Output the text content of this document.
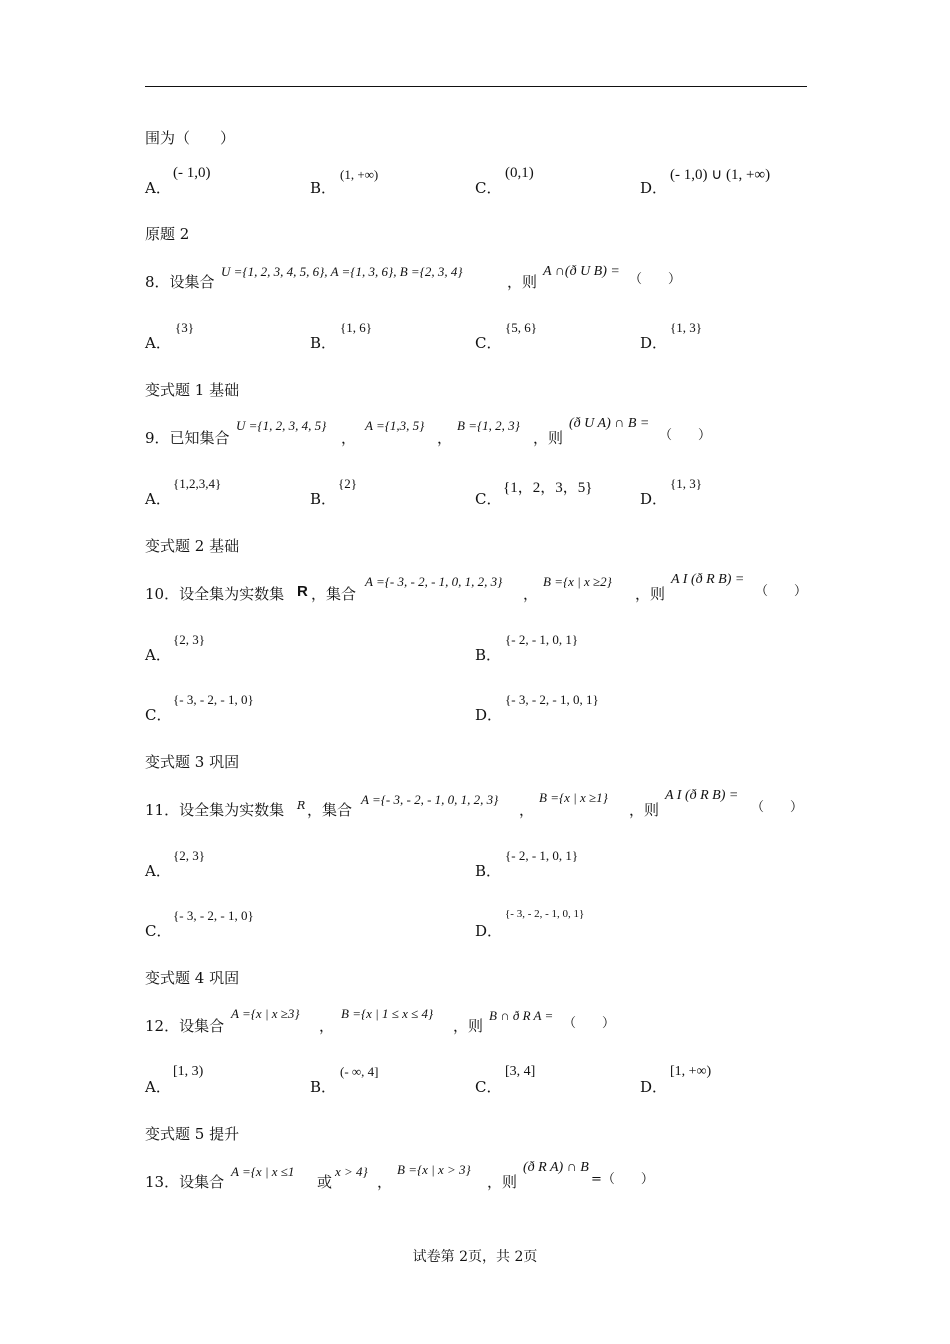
围为（　　）
A．
(- 1,0)
B．
(1, +∞)
C．
(0,1)
D．
(- 1,0) ∪ (1, +∞)
原题 2
8．设集合
U ={1, 2, 3, 4, 5, 6}, A ={1, 3, 6}, B ={2, 3, 4}
，则
A ∩(ð U B) =
（　　）
A．
{3}
B．
{1, 6}
C．
{5, 6}
D．
{1, 3}
变式题 1 基础
9．已知集合
U ={1, 2, 3, 4, 5}
，
A ={1,3, 5}
，
B ={1, 2, 3}
，则
(ð U A) ∩ B =
（　　）
A．
{1,2,3,4}
B．
{2}
C．
{1，2，3，5}
D．
{1, 3}
变式题 2 基础
10．设全集为实数集 R ，集合
A ={- 3, - 2, - 1, 0, 1, 2, 3}
，
B ={x | x ≥2}
，则
A I (ð R B) =
（　　）
A．
{2, 3}
B．
{- 2, - 1, 0, 1}
C．
{- 3, - 2, - 1, 0}
D．
{- 3, - 2, - 1, 0, 1}
变式题 3 巩固
11．设全集为实数集 R ，集合
A ={- 3, - 2, - 1, 0, 1, 2, 3}
，
B ={x | x ≥1}
，则
A I (ð R B) =
（　　）
A．
{2, 3}
B．
{- 2, - 1, 0, 1}
C．
{- 3, - 2, - 1, 0}
D．
{- 3, - 2, - 1, 0, 1}
变式题 4 巩固
12．设集合
A ={x | x ≥3}
，
B ={x | 1 ≤ x ≤ 4}
，则
B ∩ ð R A =
（　　）
A．
[1, 3)
B．
(- ∞, 4]
C．
[3, 4]
D．
[1, +∞)
变式题 5 提升
13．设集合
A ={x | x ≤1
或
x > 4}
，
B ={x | x > 3}
，则
(ð R A) ∩ B
=（　　）
试卷第 2页，共 2页
